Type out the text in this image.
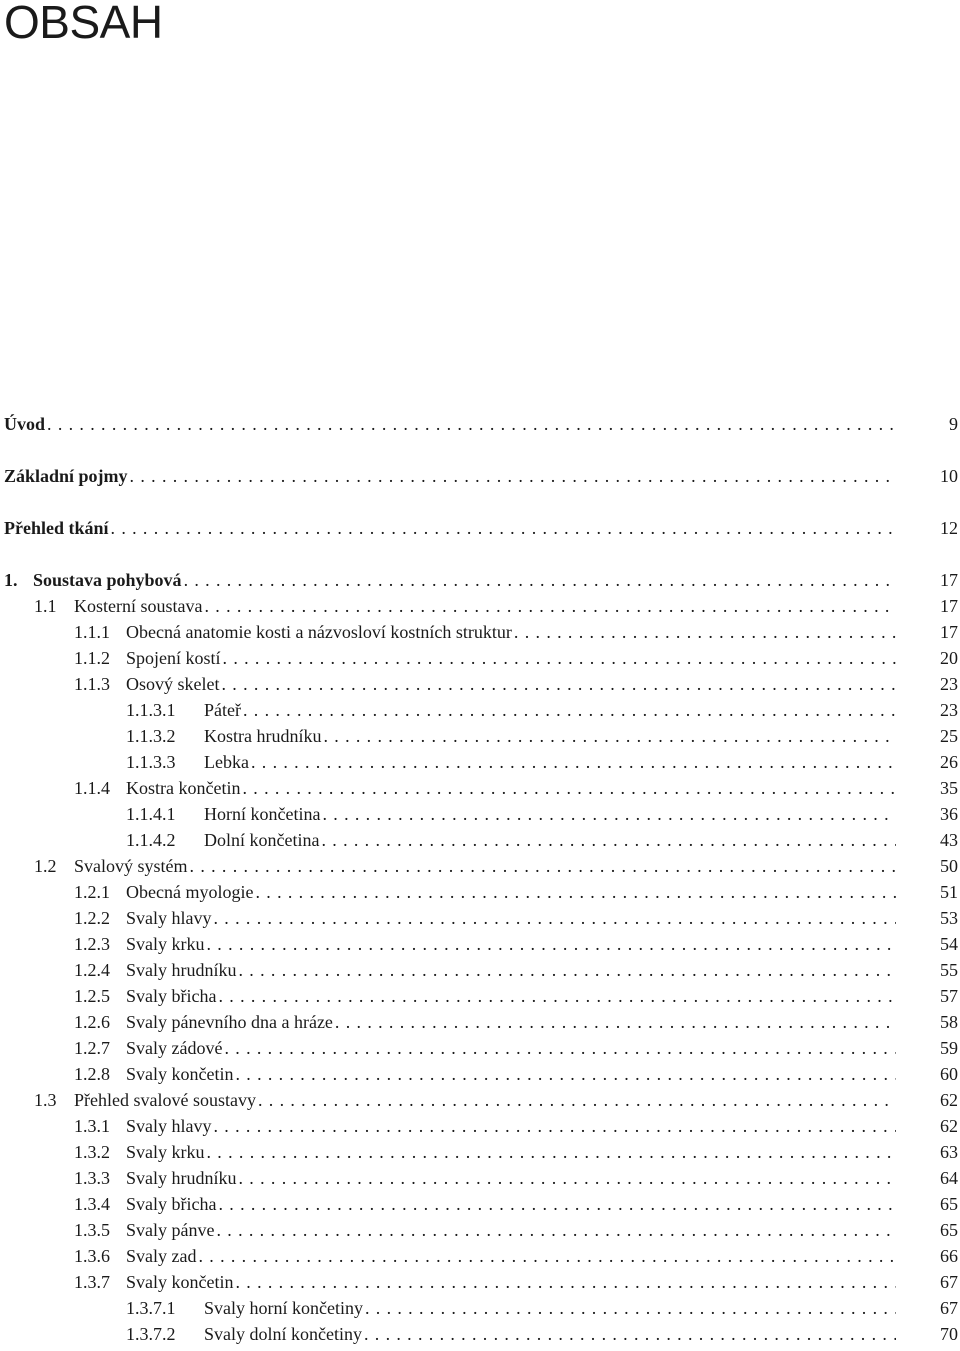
OBSAH
Úvod . . .	9
Základní pojmy . . .	10
Přehled tkání . . .	12
1. Soustava pohybová . . .	17
1.1 Kosterní soustava . . .	17
1.1.1 Obecná anatomie kosti a názvosloví kostních struktur . . .	17
1.1.2 Spojení kostí . . .	20
1.1.3 Osový skelet . . .	23
1.1.3.1	Páteř . . .	23
1.1.3.2	Kostra hrudníku . . .	25
1.1.3.3	Lebka . . .	26
1.1.4 Kostra končetin . . .	35
1.1.4.1	Horní končetina . . .	36
1.1.4.2	Dolní končetina . . .	43
1.2 Svalový systém . . .	50
1.2.1 Obecná myologie . . .	51
1.2.2 Svaly hlavy . . .	53
1.2.3 Svaly krku . . .	54
1.2.4 Svaly hrudníku . . .	55
1.2.5 Svaly břicha . . .	57
1.2.6 Svaly pánevního dna a hráze . . .	58
1.2.7 Svaly zádové . . .	59
1.2.8 Svaly končetin . . .	60
1.3 Přehled svalové soustavy . . .	62
1.3.1 Svaly hlavy . . .	62
1.3.2 Svaly krku . . .	63
1.3.3 Svaly hrudníku . . .	64
1.3.4 Svaly břicha . . .	65
1.3.5 Svaly pánve . . .	65
1.3.6 Svaly zad . . .	66
1.3.7 Svaly končetin . . .	67
1.3.7.1	Svaly horní končetiny . . .	67
1.3.7.2	Svaly dolní končetiny . . .	70
